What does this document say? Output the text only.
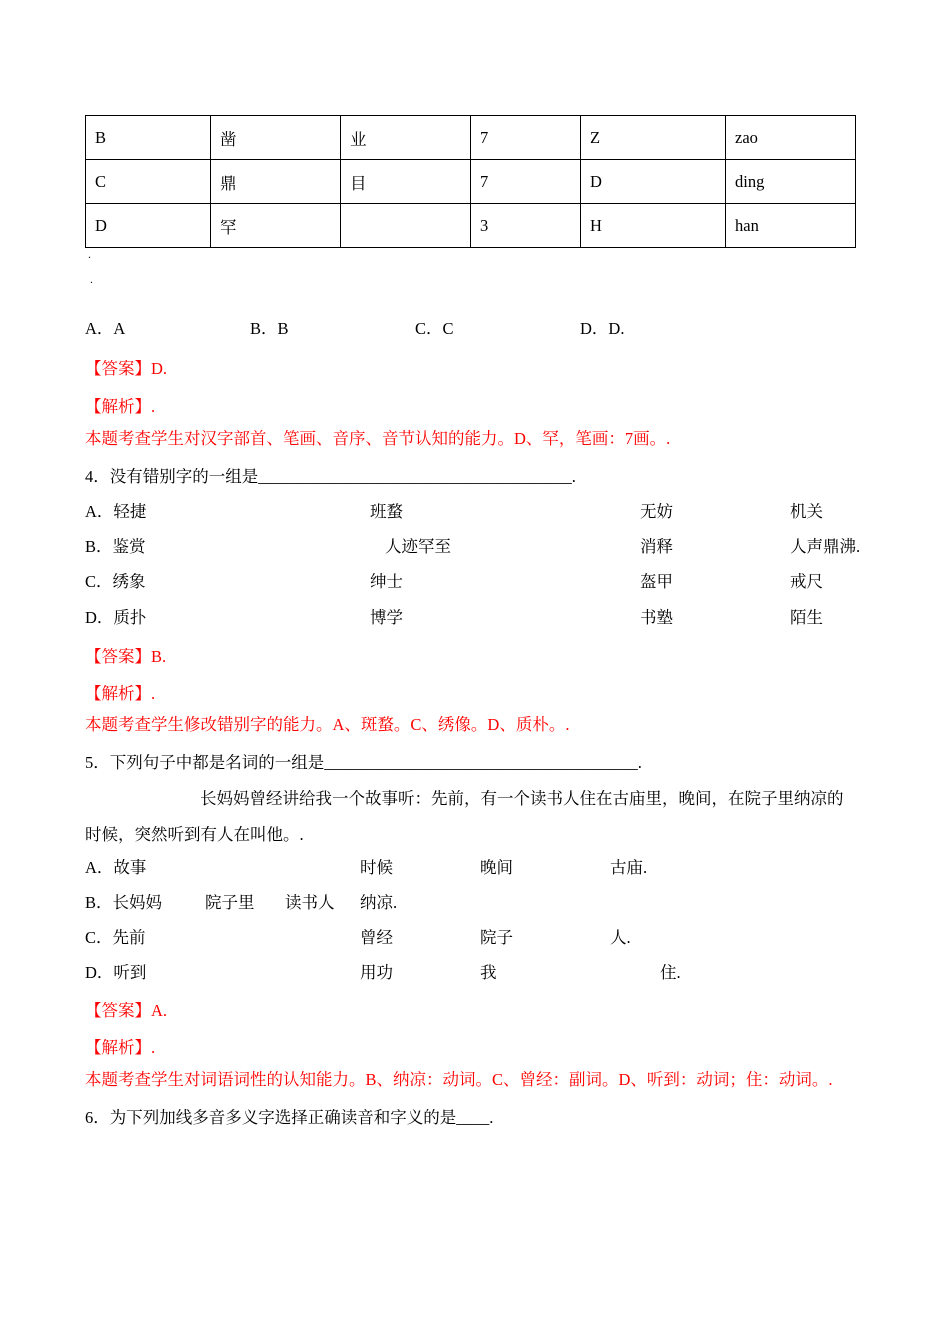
B	凿	业	7	Z	zao
C	鼎	目	7	D	ding
D	罕		3	H	han
.
.
A．A	B．B	C．C	D．D.
【答案】D.
【解析】.
本题考查学生对汉字部首、笔画、音序、音节认知的能力。D、罕，笔画：7画。.
4．没有错别字的一组是______________________________________.
A．轻捷	班蝥	无妨	机关
B．鉴赏	人迹罕至	消释	人声鼎沸.
C．绣象	绅士	盔甲	戒尺
D．质扑	博学	书塾	陌生
【答案】B.
【解析】.
本题考查学生修改错别字的能力。A、斑蝥。C、绣像。D、质朴。.
5．下列句子中都是名词的一组是______________________________________.
长妈妈曾经讲给我一个故事听：先前，有一个读书人住在古庙里，晚间，在院子里纳凉的
时候，突然听到有人在叫他。.
A．故事	时候	晚间	古庙.
B．长妈妈	院子里 读书人 纳凉.
C．先前	曾经	院子	人.
D．听到	用功	我	住.
【答案】A.
【解析】.
本题考查学生对词语词性的认知能力。B、纳凉：动词。C、曾经：副词。D、听到：动词；住：动词。.
6．为下列加线多音多义字选择正确读音和字义的是____.
